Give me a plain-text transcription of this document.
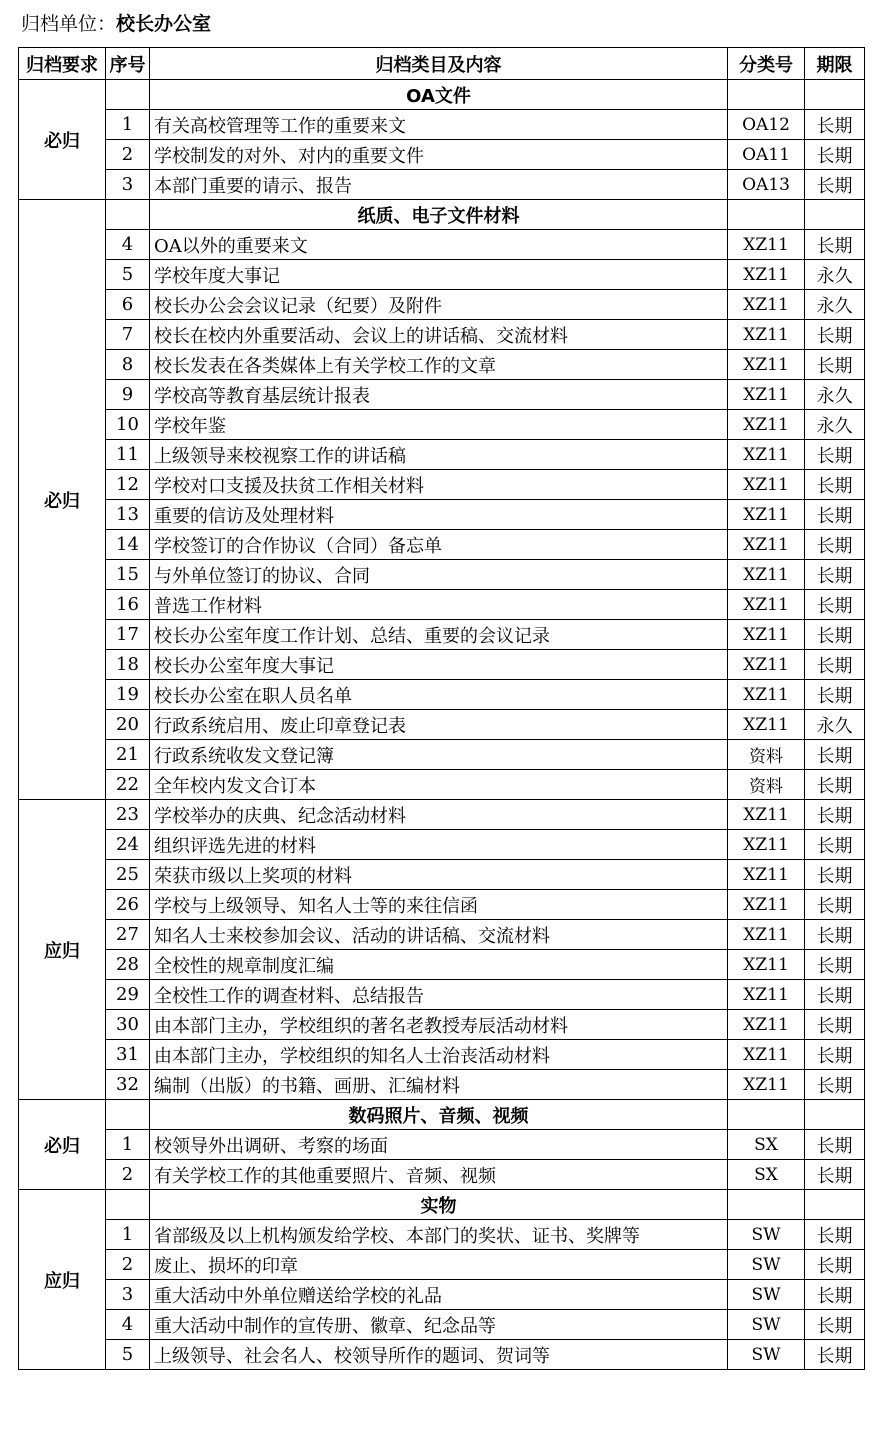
归档单位：校长办公室
归档要求	序号	归档类目及内容	分类号	期限
必归		OA文件		
	1	有关高校管理等工作的重要来文	OA12	长期
	2	学校制发的对外、对内的重要文件	OA11	长期
	3	本部门重要的请示、报告	OA13	长期
必归		纸质、电子文件材料		
	4	OA以外的重要来文	XZ11	长期
	5	学校年度大事记	XZ11	永久
	6	校长办公会会议记录（纪要）及附件	XZ11	永久
	7	校长在校内外重要活动、会议上的讲话稿、交流材料	XZ11	长期
	8	校长发表在各类媒体上有关学校工作的文章	XZ11	长期
	9	学校高等教育基层统计报表	XZ11	永久
	10	学校年鉴	XZ11	永久
	11	上级领导来校视察工作的讲话稿	XZ11	长期
	12	学校对口支援及扶贫工作相关材料	XZ11	长期
	13	重要的信访及处理材料	XZ11	长期
	14	学校签订的合作协议（合同）备忘单	XZ11	长期
	15	与外单位签订的协议、合同	XZ11	长期
	16	普选工作材料	XZ11	长期
	17	校长办公室年度工作计划、总结、重要的会议记录	XZ11	长期
	18	校长办公室年度大事记	XZ11	长期
	19	校长办公室在职人员名单	XZ11	长期
	20	行政系统启用、废止印章登记表	XZ11	永久
	21	行政系统收发文登记簿	资料	长期
	22	全年校内发文合订本	资料	长期
应归	23	学校举办的庆典、纪念活动材料	XZ11	长期
	24	组织评选先进的材料	XZ11	长期
	25	荣获市级以上奖项的材料	XZ11	长期
	26	学校与上级领导、知名人士等的来往信函	XZ11	长期
	27	知名人士来校参加会议、活动的讲话稿、交流材料	XZ11	长期
	28	全校性的规章制度汇编	XZ11	长期
	29	全校性工作的调查材料、总结报告	XZ11	长期
	30	由本部门主办，学校组织的著名老教授寿辰活动材料	XZ11	长期
	31	由本部门主办，学校组织的知名人士治丧活动材料	XZ11	长期
	32	编制（出版）的书籍、画册、汇编材料	XZ11	长期
必归		数码照片、音频、视频		
	1	校领导外出调研、考察的场面	SX	长期
	2	有关学校工作的其他重要照片、音频、视频	SX	长期
应归		实物		
	1	省部级及以上机构颁发给学校、本部门的奖状、证书、奖牌等	SW	长期
	2	废止、损坏的印章	SW	长期
	3	重大活动中外单位赠送给学校的礼品	SW	长期
	4	重大活动中制作的宣传册、徽章、纪念品等	SW	长期
	5	上级领导、社会名人、校领导所作的题词、贺词等	SW	长期
